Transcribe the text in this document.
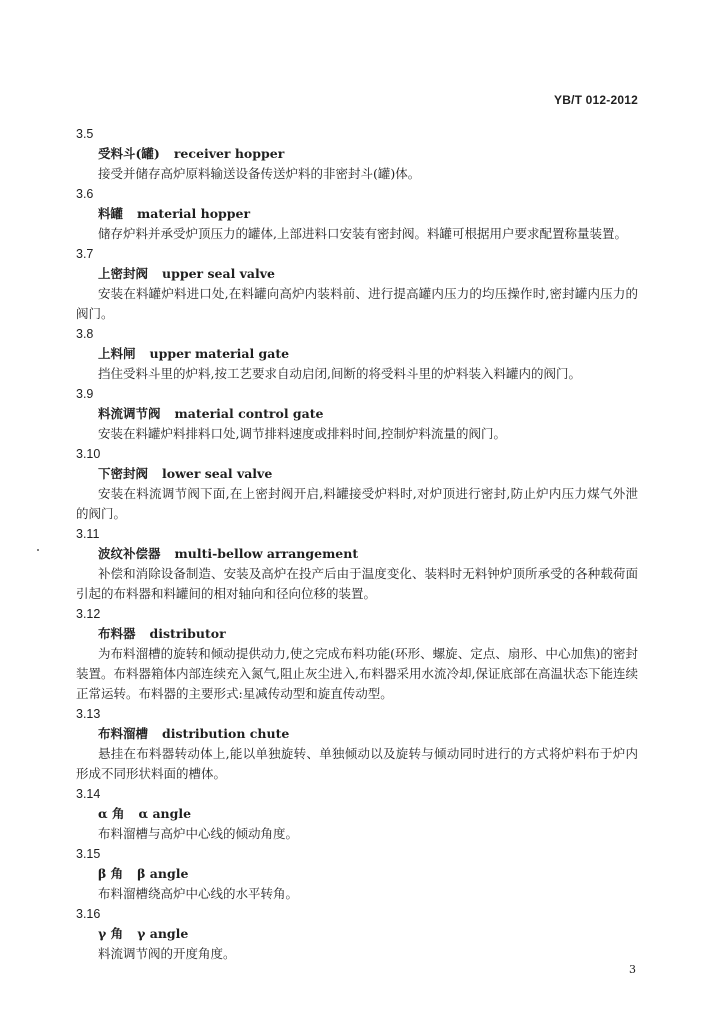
YB/T 012-2012
3.5
受料斗(罐) receiver hopper
接受并储存高炉原料输送设备传送炉料的非密封斗(罐)体。
3.6
料罐 material hopper
储存炉料并承受炉顶压力的罐体,上部进料口安装有密封阀。料罐可根据用户要求配置称量装置。
3.7
上密封阀 upper seal valve
安装在料罐炉料进口处,在料罐向高炉内装料前、进行提高罐内压力的均压操作时,密封罐内压力的阀门。
3.8
上料闸 upper material gate
挡住受料斗里的炉料,按工艺要求自动启闭,间断的将受料斗里的炉料装入料罐内的阀门。
3.9
料流调节阀 material control gate
安装在料罐炉料排料口处,调节排料速度或排料时间,控制炉料流量的阀门。
3.10
下密封阀 lower seal valve
安装在料流调节阀下面,在上密封阀开启,料罐接受炉料时,对炉顶进行密封,防止炉内压力煤气外泄的阀门。
3.11
波纹补偿器 multi-bellow arrangement
补偿和消除设备制造、安装及高炉在投产后由于温度变化、装料时无料钟炉顶所承受的各种载荷面引起的布料器和料罐间的相对轴向和径向位移的装置。
3.12
布料器 distributor
为布料溜槽的旋转和倾动提供动力,使之完成布料功能(环形、螺旋、定点、扇形、中心加焦)的密封装置。布料器箱体内部连续充入氮气,阻止灰尘进入,布料器采用水流冷却,保证底部在高温状态下能连续正常运转。布料器的主要形式:星减传动型和旋直传动型。
3.13
布料溜槽 distribution chute
悬挂在布料器转动体上,能以单独旋转、单独倾动以及旋转与倾动同时进行的方式将炉料布于炉内形成不同形状料面的槽体。
3.14
α 角 α angle
布料溜槽与高炉中心线的倾动角度。
3.15
β 角 β angle
布料溜槽绕高炉中心线的水平转角。
3.16
γ 角 γ angle
料流调节阀的开度角度。
3
